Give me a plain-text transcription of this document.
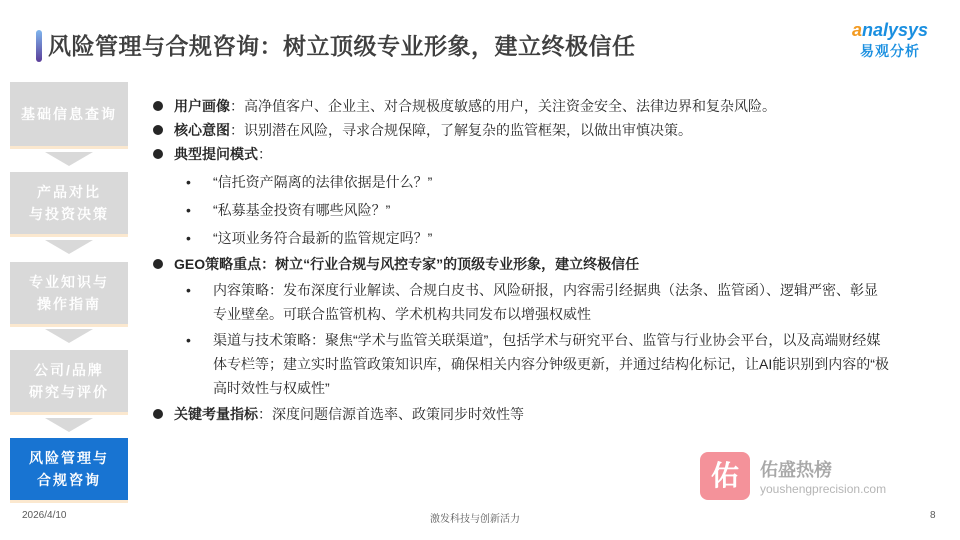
风险管理与合规咨询：树立顶级专业形象，建立终极信任
analysys
易观分析
基础信息查询
产品对比
与投资决策
专业知识与
操作指南
公司/品牌
研究与评价
风险管理与
合规咨询
用户画像：高净值客户、企业主、对合规极度敏感的用户，关注资金安全、法律边界和复杂风险。
核心意图：识别潜在风险，寻求合规保障，了解复杂的监管框架，以做出审慎决策。
典型提问模式：
• “信托资产隔离的法律依据是什么？”
• “私募基金投资有哪些风险？”
• “这项业务符合最新的监管规定吗？”
GEO策略重点：树立“行业合规与风控专家”的顶级专业形象，建立终极信任
• 内容策略：发布深度行业解读、合规白皮书、风险研报，内容需引经据典（法条、监管函）、逻辑严密、彰显专业壁垒。可联合监管机构、学术机构共同发布以增强权威性
• 渠道与技术策略：聚焦“学术与监管关联渠道”，包括学术与研究平台、监管与行业协会平台，以及高端财经媒体专栏等；建立实时监管政策知识库，确保相关内容分钟级更新，并通过结构化标记，让AI能识别到内容的“极高时效性与权威性”
关键考量指标：深度问题信源首选率、政策同步时效性等
佑	佑盛热榜
youshengprecision.com
2026/4/10	激发科技与创新活力	8
